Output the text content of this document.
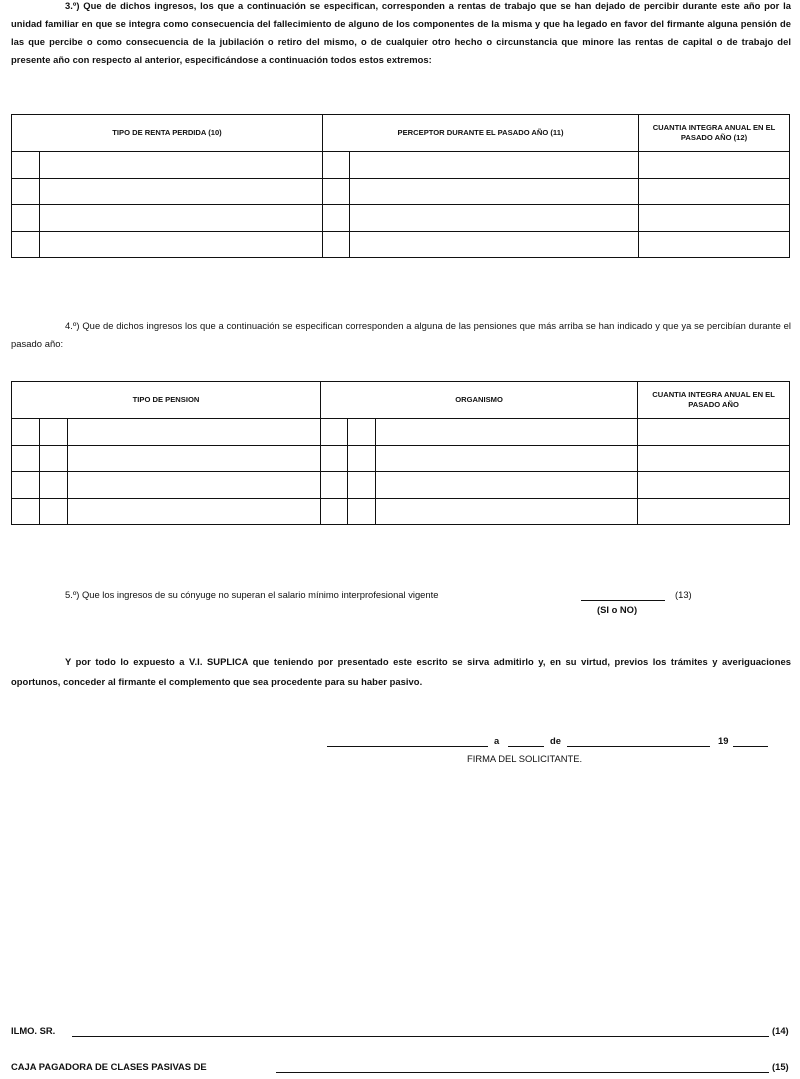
3.º) Que de dichos ingresos, los que a continuación se especifican, corresponden a rentas de trabajo que se han dejado de percibir durante este año por la unidad familiar en que se integra como consecuencia del fallecimiento de alguno de los componentes de la misma y que ha legado en favor del firmante alguna pensión de las que percibe o como consecuencia de la jubilación o retiro del mismo, o de cualquier otro hecho o circunstancia que minore las rentas de capital o de trabajo del presente año con respecto al anterior, especificándose a continuación todos estos extremos:

TIPO DE RENTA PERDIDA (10)		PERCEPTOR DURANTE EL PASADO AÑO (11)		CUANTIA INTEGRA ANUAL EN EL PASADO AÑO (12)

4.º) Que de dichos ingresos los que a continuación se especifican corresponden a alguna de las pensiones que más arriba se han indicado y que ya se percibían durante el pasado año:

TIPO DE PENSION			ORGANISMO			CUANTIA INTEGRA ANUAL EN EL PASADO AÑO

5.º) Que los ingresos de su cónyuge no superan el salario mínimo interprofesional vigente	(13)
(SI o NO)

Y por todo lo expuesto a V.I. SUPLICA que teniendo por presentado este escrito se sirva admitirlo y, en su virtud, previos los trámites y averiguaciones oportunos, conceder al firmante el complemento que sea procedente para su haber pasivo.

a	de	19
FIRMA DEL SOLICITANTE.
ILMO. SR.	(14)
CAJA PAGADORA DE CLASES PASIVAS DE	(15)
